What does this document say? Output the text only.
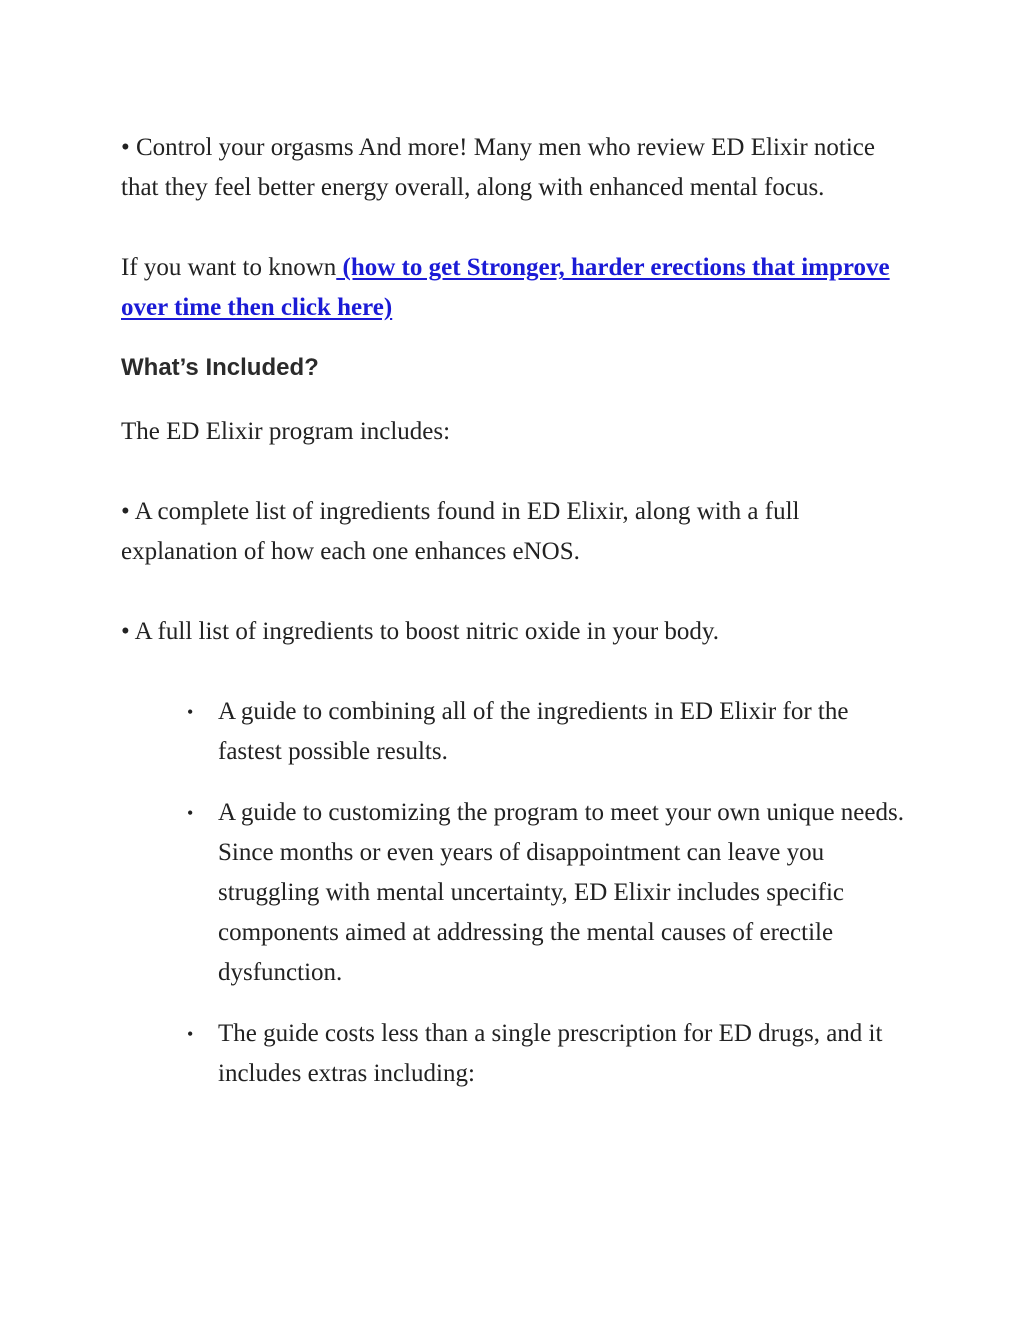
• Control your orgasms And more! Many men who review ED Elixir notice that they feel better energy overall, along with enhanced mental focus.

If you want to known (how to get Stronger, harder erections that improve over time then click here)

What’s Included?

The ED Elixir program includes:

• A complete list of ingredients found in ED Elixir, along with a full explanation of how each one enhances eNOS.

• A full list of ingredients to boost nitric oxide in your body.

• A guide to combining all of the ingredients in ED Elixir for the fastest possible results.
• A guide to customizing the program to meet your own unique needs. Since months or even years of disappointment can leave you struggling with mental uncertainty, ED Elixir includes specific components aimed at addressing the mental causes of erectile dysfunction.
• The guide costs less than a single prescription for ED drugs, and it includes extras including:
